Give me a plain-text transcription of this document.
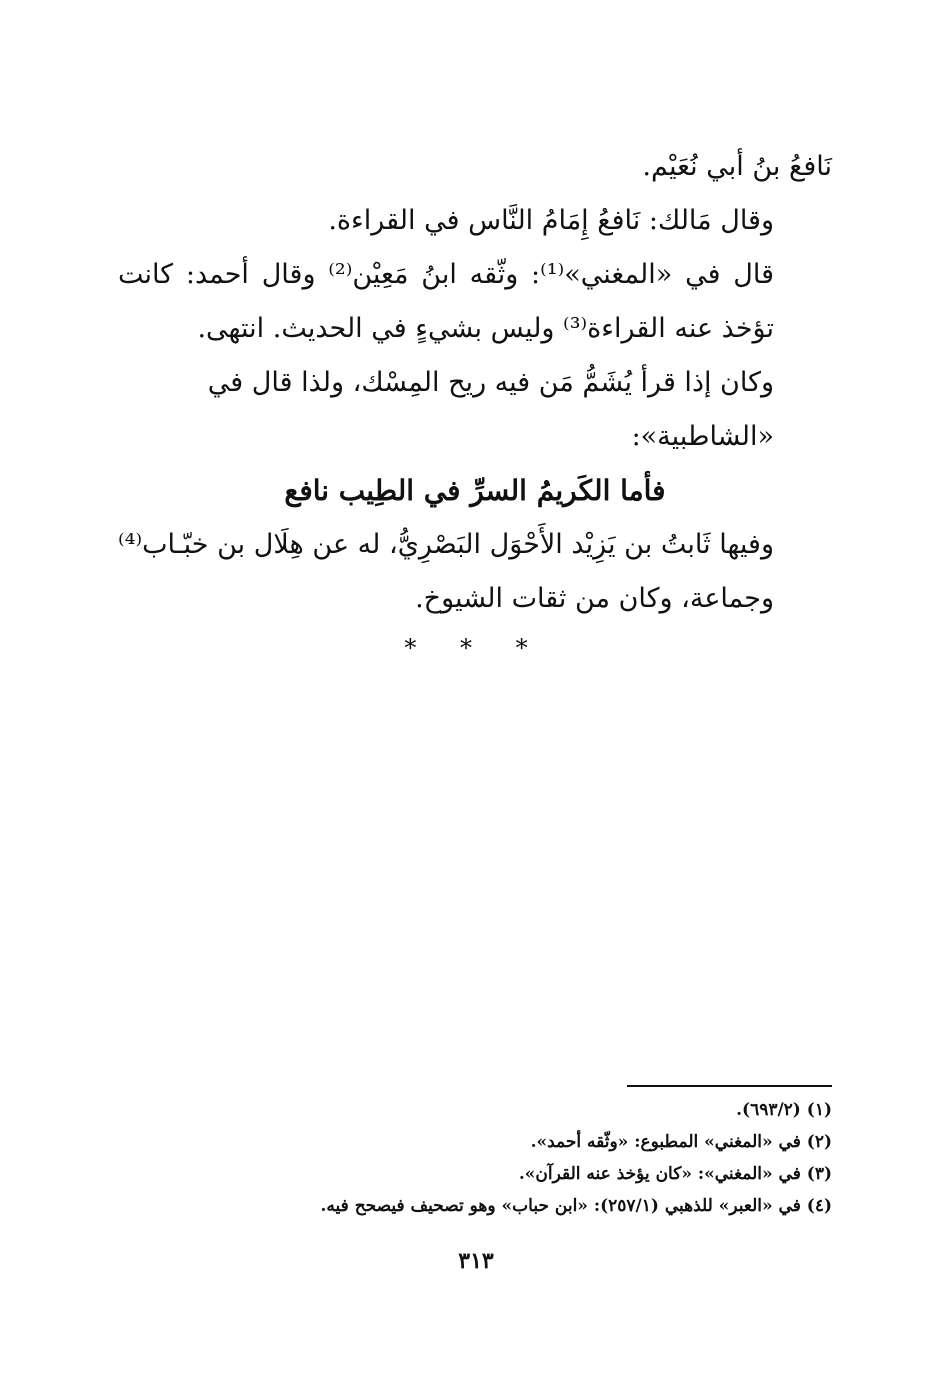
نَافعُ بنُ أبي نُعَيْم.

وقال مَالك: نَافعُ إِمَامُ النَّاس في القراءة.

قال في «المغني»⁽¹⁾: وثّقه ابنُ مَعِيْن⁽²⁾ وقال أحمد: كانت تؤخذ عنه القراءة⁽³⁾ وليس بشيءٍ في الحديث. انتهى.

وكان إذا قرأ يُشَمُّ مَن فيه ريح المِسْك، ولذا قال في «الشاطبية»:

فأما الكَريمُ السرِّ في الطِيب نافع

وفيها ثَابتُ بن يَزِيْد الأَحْوَل البَصْرِيُّ، له عن هِلَال بن خبّـاب⁽⁴⁾ وجماعة، وكان من ثقات الشيوخ.

* * *

(١) (٦٩٣/٢).

(٢) في «المغني» المطبوع: «وثّقه أحمد».

(٣) في «المغني»: «كان يؤخذ عنه القرآن».

(٤) في «العبر» للذهبي (٢٥٧/١): «ابن حباب» وهو تصحيف فيصحح فيه.

٣١٣
